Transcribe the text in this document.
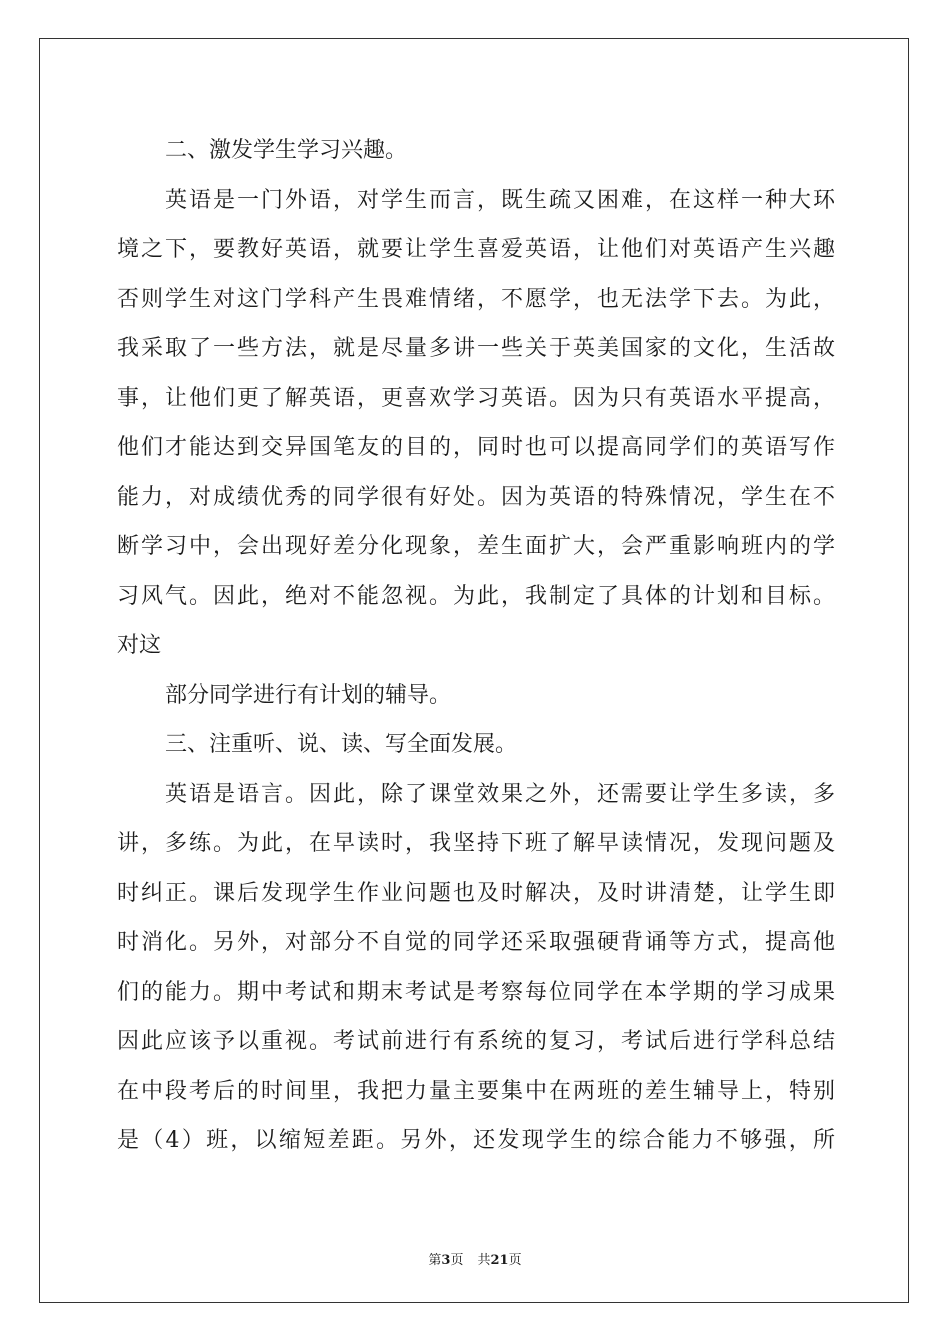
二、激发学生学习兴趣。
英语是一门外语，对学生而言，既生疏又困难，在这样一种大环
境之下，要教好英语，就要让学生喜爱英语，让他们对英语产生兴趣
否则学生对这门学科产生畏难情绪，不愿学，也无法学下去。为此，
我采取了一些方法，就是尽量多讲一些关于英美国家的文化，生活故
事，让他们更了解英语，更喜欢学习英语。因为只有英语水平提高，
他们才能达到交异国笔友的目的，同时也可以提高同学们的英语写作
能力，对成绩优秀的同学很有好处。因为英语的特殊情况，学生在不
断学习中，会出现好差分化现象，差生面扩大，会严重影响班内的学
习风气。因此，绝对不能忽视。为此，我制定了具体的计划和目标。
对这
部分同学进行有计划的辅导。
三、注重听、说、读、写全面发展。
英语是语言。因此，除了课堂效果之外，还需要让学生多读，多
讲，多练。为此，在早读时，我坚持下班了解早读情况，发现问题及
时纠正。课后发现学生作业问题也及时解决，及时讲清楚，让学生即
时消化。另外，对部分不自觉的同学还采取强硬背诵等方式，提高他
们的能力。期中考试和期末考试是考察每位同学在本学期的学习成果
因此应该予以重视。考试前进行有系统的复习，考试后进行学科总结
在中段考后的时间里，我把力量主要集中在两班的差生辅导上，特别
是（4）班，以缩短差距。另外，还发现学生的综合能力不够强，所
第3页 共21页
